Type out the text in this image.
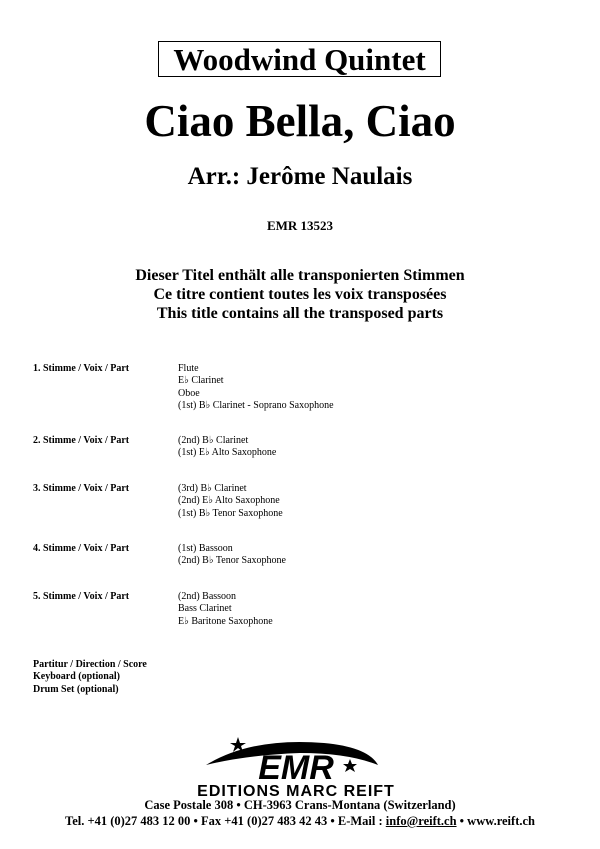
Woodwind Quintet
Ciao Bella, Ciao
Arr.: Jerôme Naulais
EMR 13523
Dieser Titel enthält alle transponierten Stimmen
Ce titre contient toutes les voix transposées
This title contains all the transposed parts
1. Stimme / Voix / Part	Flute
E♭ Clarinet
Oboe
(1st) B♭ Clarinet - Soprano Saxophone
2. Stimme / Voix / Part	(2nd) B♭ Clarinet
(1st) E♭ Alto Saxophone
3. Stimme / Voix / Part	(3rd) B♭ Clarinet
(2nd) E♭ Alto Saxophone
(1st) B♭ Tenor Saxophone
4. Stimme / Voix / Part	(1st) Bassoon
(2nd) B♭ Tenor Saxophone
5. Stimme / Voix / Part	(2nd) Bassoon
Bass Clarinet
E♭ Baritone Saxophone
Partitur / Direction / Score
Keyboard (optional)
Drum Set (optional)
EMR
EDITIONS MARC REIFT
Case Postale 308 • CH-3963 Crans-Montana (Switzerland)
Tel. +41 (0)27 483 12 00 • Fax +41 (0)27 483 42 43 • E-Mail : info@reift.ch • www.reift.ch
